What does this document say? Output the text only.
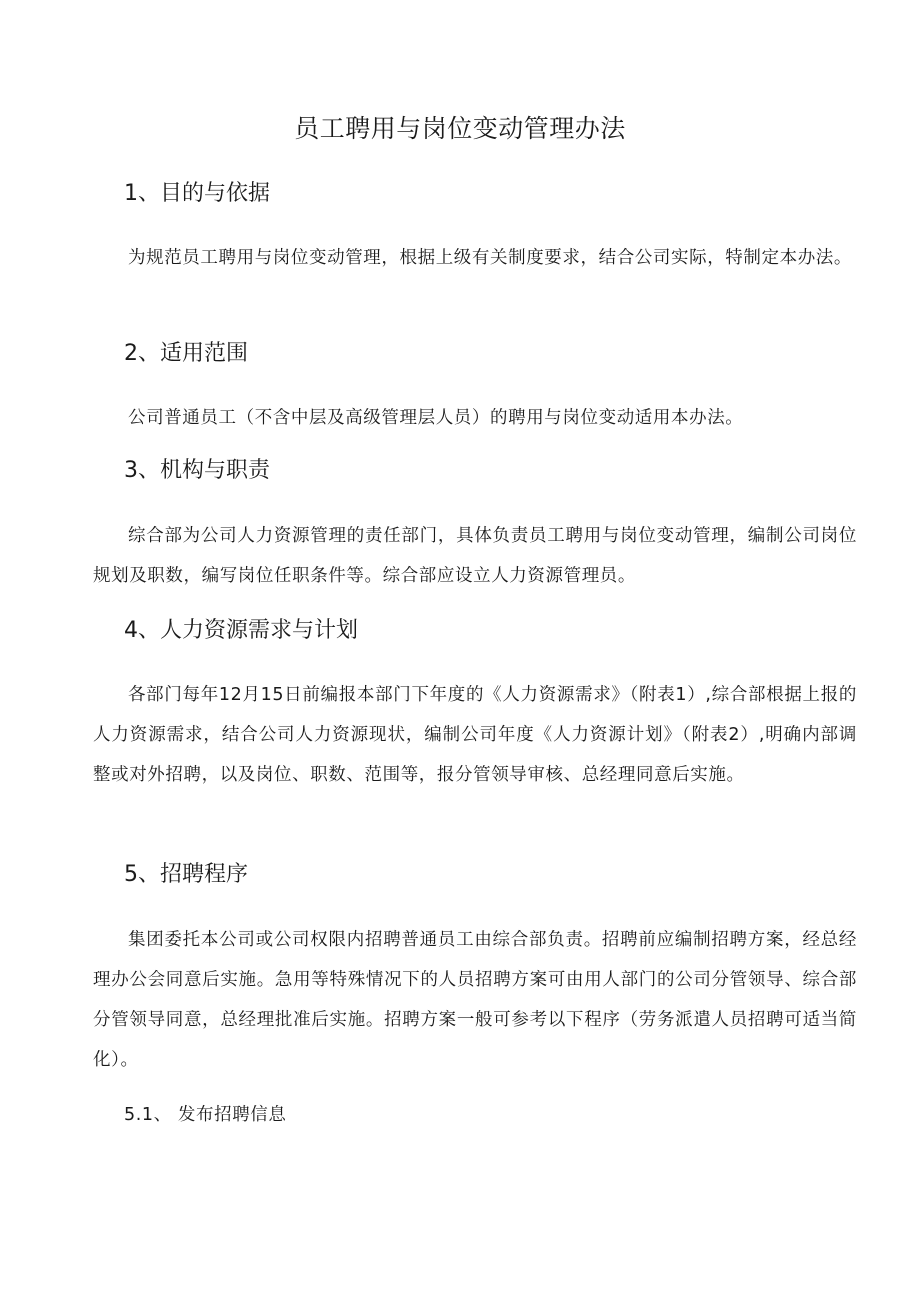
员工聘用与岗位变动管理办法
1、目的与依据
为规范员工聘用与岗位变动管理，根据上级有关制度要求，结合公司实际，特制定本办法。
2、适用范围
公司普通员工（不含中层及高级管理层人员）的聘用与岗位变动适用本办法。
3、机构与职责
综合部为公司人力资源管理的责任部门，具体负责员工聘用与岗位变动管理，编制公司岗位规划及职数，编写岗位任职条件等。综合部应设立人力资源管理员。
4、人力资源需求与计划
各部门每年12月15日前编报本部门下年度的《人力资源需求》（附表1）,综合部根据上报的人力资源需求，结合公司人力资源现状，编制公司年度《人力资源计划》（附表2）,明确内部调整或对外招聘，以及岗位、职数、范围等，报分管领导审核、总经理同意后实施。
5、招聘程序
集团委托本公司或公司权限内招聘普通员工由综合部负责。招聘前应编制招聘方案，经总经理办公会同意后实施。急用等特殊情况下的人员招聘方案可由用人部门的公司分管领导、综合部分管领导同意，总经理批准后实施。招聘方案一般可参考以下程序（劳务派遣人员招聘可适当简化）。
5.1、 发布招聘信息
